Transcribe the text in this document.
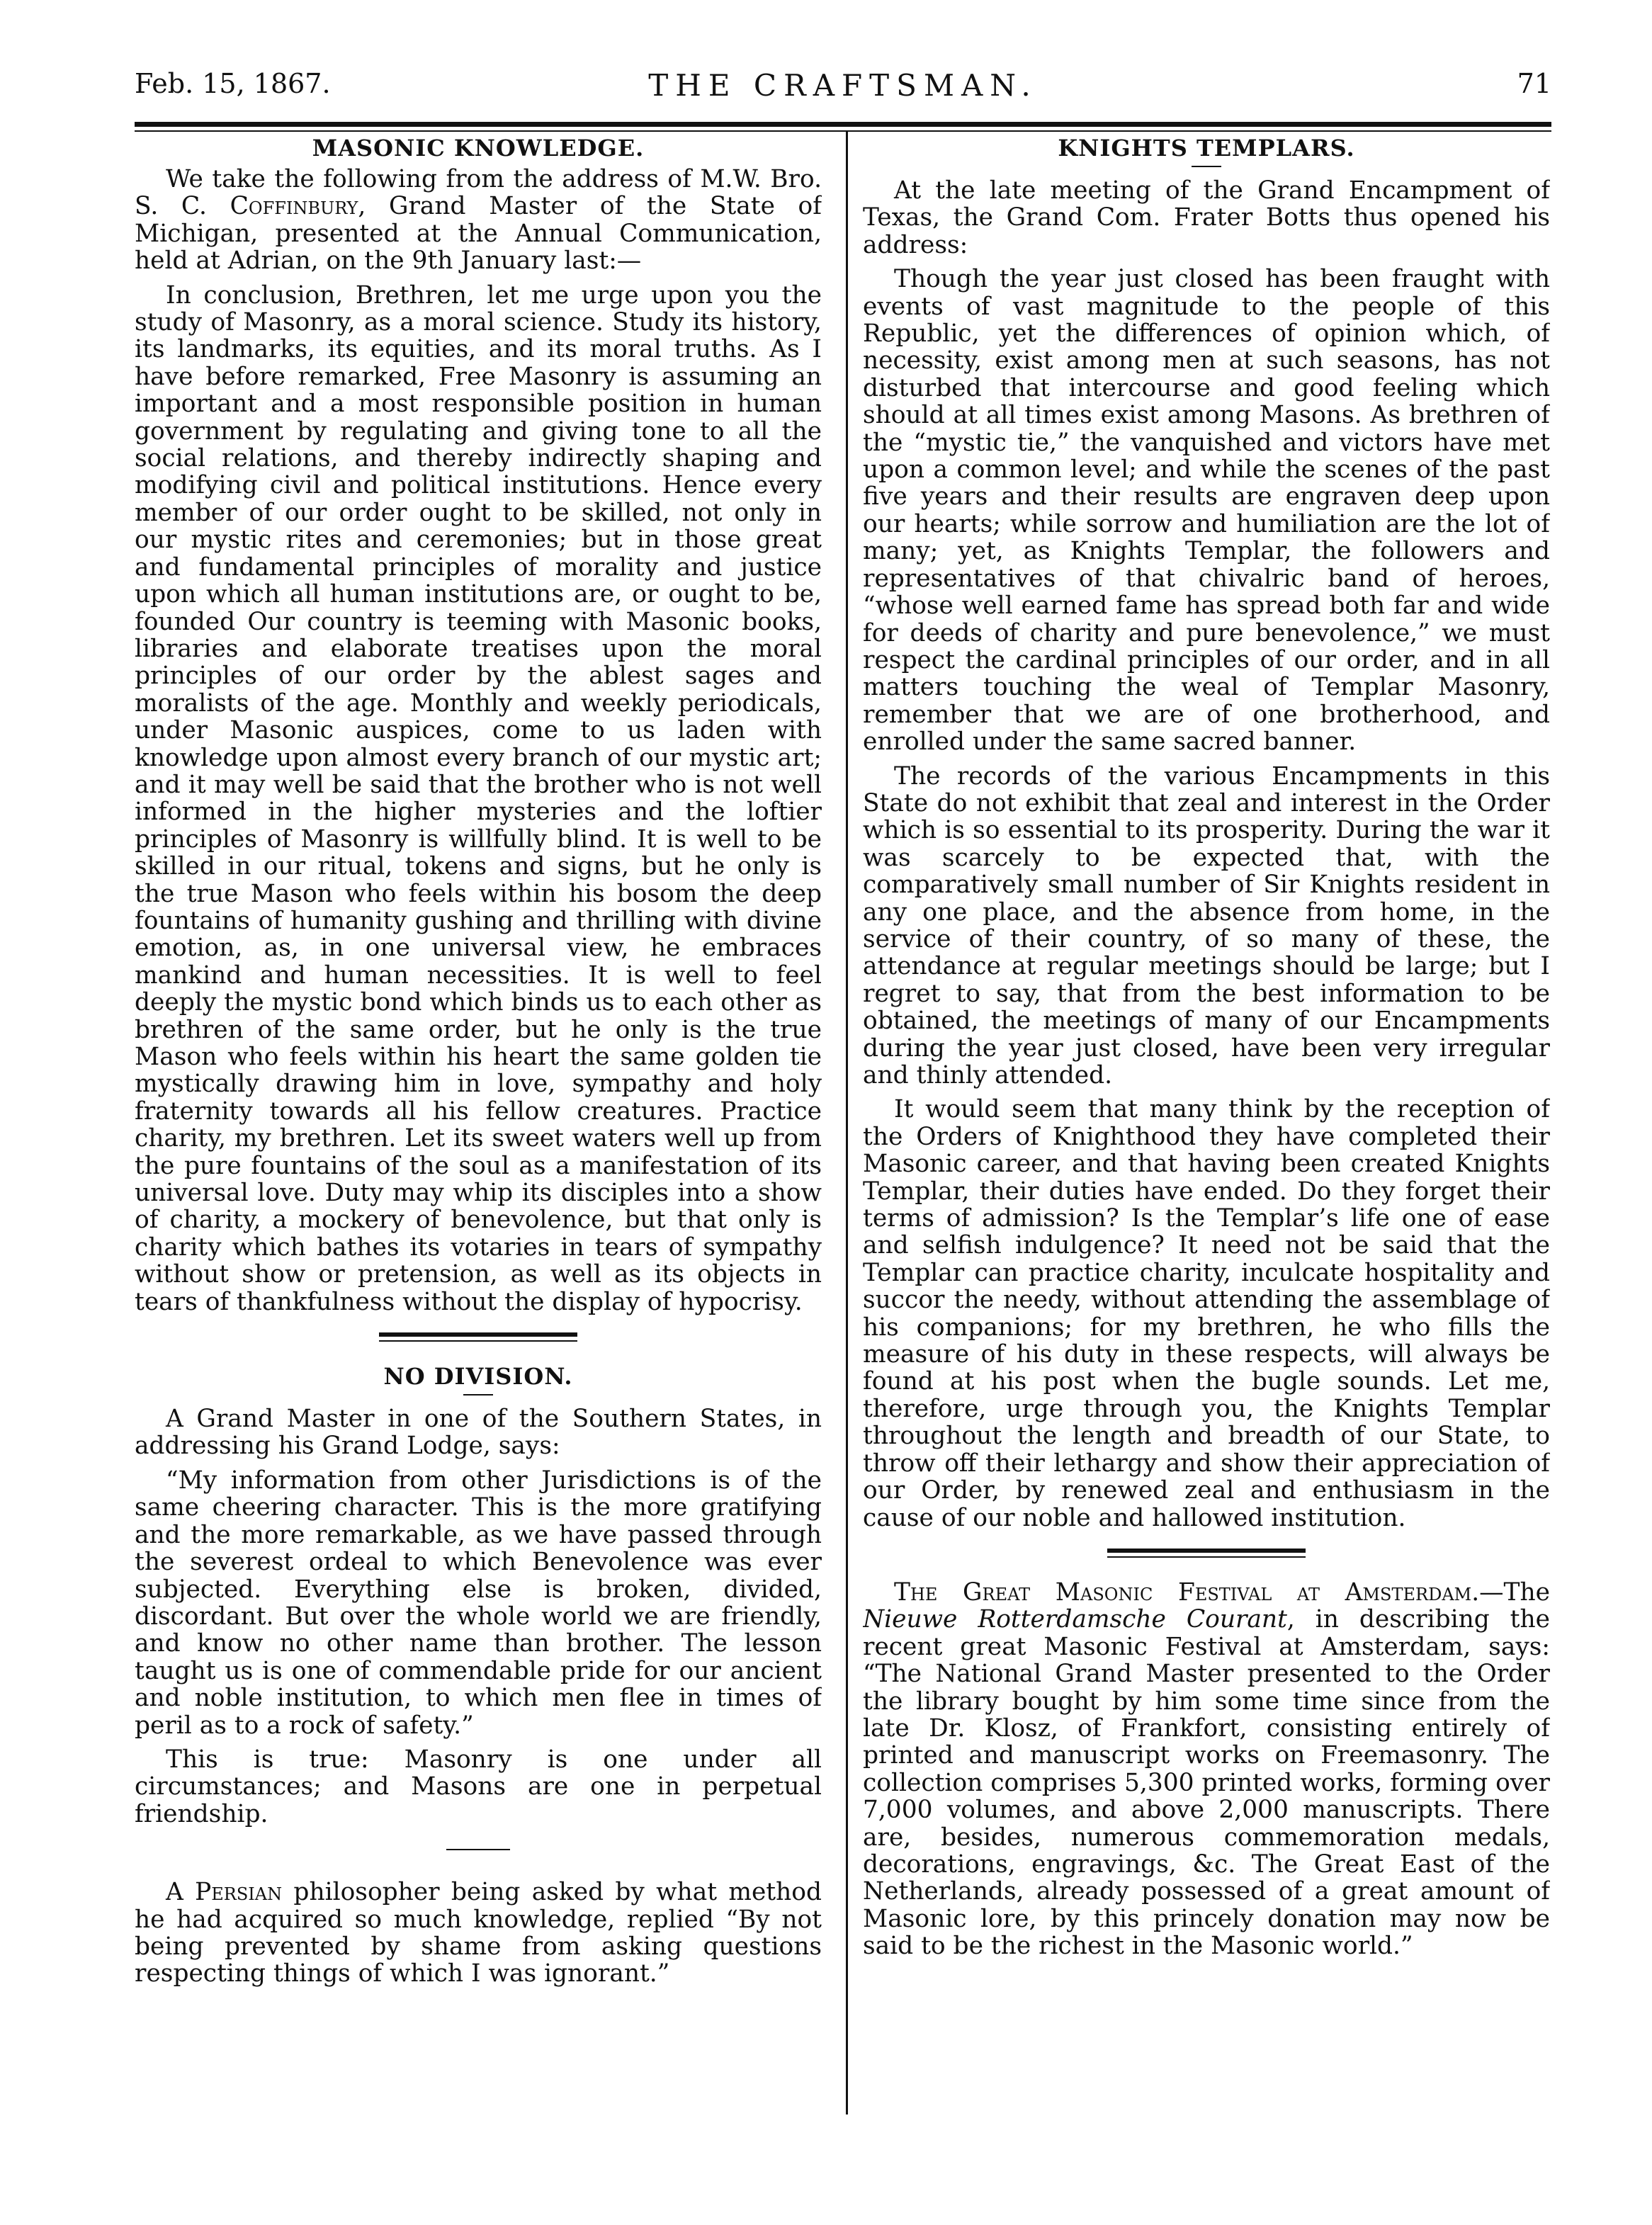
Feb. 15, 1867.	THE CRAFTSMAN.	71
MASONIC KNOWLEDGE.

We take the following from the address of M.W. Bro. S. C. Coffinbury, Grand Master of the State of Michigan, presented at the Annual Communication, held at Adrian, on the 9th January last:—

In conclusion, Brethren, let me urge upon you the study of Masonry, as a moral science. Study its history, its landmarks, its equities, and its moral truths. As I have before remarked, Free Masonry is assuming an important and a most responsible position in human government by regulating and giving tone to all the social relations, and thereby indirectly shaping and modifying civil and political institutions. Hence every member of our order ought to be skilled, not only in our mystic rites and ceremonies; but in those great and fundamental principles of morality and justice upon which all human institutions are, or ought to be, founded Our country is teeming with Masonic books, libraries and elaborate treatises upon the moral principles of our order by the ablest sages and moralists of the age. Monthly and weekly periodicals, under Masonic auspices, come to us laden with knowledge upon almost every branch of our mystic art; and it may well be said that the brother who is not well informed in the higher mysteries and the loftier principles of Masonry is willfully blind. It is well to be skilled in our ritual, tokens and signs, but he only is the true Mason who feels within his bosom the deep fountains of humanity gushing and thrilling with divine emotion, as, in one universal view, he embraces mankind and human necessities. It is well to feel deeply the mystic bond which binds us to each other as brethren of the same order, but he only is the true Mason who feels within his heart the same golden tie mystically drawing him in love, sympathy and holy fraternity towards all his fellow creatures. Practice charity, my brethren. Let its sweet waters well up from the pure fountains of the soul as a manifestation of its universal love. Duty may whip its disciples into a show of charity, a mockery of benevolence, but that only is charity which bathes its votaries in tears of sympathy without show or pretension, as well as its objects in tears of thankfulness without the display of hypocrisy.

NO DIVISION.

A Grand Master in one of the Southern States, in addressing his Grand Lodge, says:

“My information from other Jurisdictions is of the same cheering character. This is the more gratifying and the more remarkable, as we have passed through the severest ordeal to which Benevolence was ever subjected. Everything else is broken, divided, discordant. But over the whole world we are friendly, and know no other name than brother. The lesson taught us is one of commendable pride for our ancient and noble institution, to which men flee in times of peril as to a rock of safety.”

This is true: Masonry is one under all circumstances; and Masons are one in perpetual friendship.

A Persian philosopher being asked by what method he had acquired so much knowledge, replied “By not being prevented by shame from asking questions respecting things of which I was ignorant.”

KNIGHTS TEMPLARS.

At the late meeting of the Grand Encampment of Texas, the Grand Com. Frater Botts thus opened his address:

Though the year just closed has been fraught with events of vast magnitude to the people of this Republic, yet the differences of opinion which, of necessity, exist among men at such seasons, has not disturbed that intercourse and good feeling which should at all times exist among Masons. As brethren of the “mystic tie,” the vanquished and victors have met upon a common level; and while the scenes of the past five years and their results are engraven deep upon our hearts; while sorrow and humiliation are the lot of many; yet, as Knights Templar, the followers and representatives of that chivalric band of heroes, “whose well earned fame has spread both far and wide for deeds of charity and pure benevolence,” we must respect the cardinal principles of our order, and in all matters touching the weal of Templar Masonry, remember that we are of one brotherhood, and enrolled under the same sacred banner.

The records of the various Encampments in this State do not exhibit that zeal and interest in the Order which is so essential to its prosperity. During the war it was scarcely to be expected that, with the comparatively small number of Sir Knights resident in any one place, and the absence from home, in the service of their country, of so many of these, the attendance at regular meetings should be large; but I regret to say, that from the best information to be obtained, the meetings of many of our Encampments during the year just closed, have been very irregular and thinly attended.

It would seem that many think by the reception of the Orders of Knighthood they have completed their Masonic career, and that having been created Knights Templar, their duties have ended. Do they forget their terms of admission? Is the Templar’s life one of ease and selfish indulgence? It need not be said that the Templar can practice charity, inculcate hospitality and succor the needy, without attending the assemblage of his companions; for my brethren, he who fills the measure of his duty in these respects, will always be found at his post when the bugle sounds. Let me, therefore, urge through you, the Knights Templar throughout the length and breadth of our State, to throw off their lethargy and show their appreciation of our Order, by renewed zeal and enthusiasm in the cause of our noble and hallowed institution.

The Great Masonic Festival at Amsterdam.—The Nieuwe Rotterdamsche Courant, in describing the recent great Masonic Festival at Amsterdam, says: “The National Grand Master presented to the Order the library bought by him some time since from the late Dr. Klosz, of Frankfort, consisting entirely of printed and manuscript works on Freemasonry. The collection comprises 5,300 printed works, forming over 7,000 volumes, and above 2,000 manuscripts. There are, besides, numerous commemoration medals, decorations, engravings, &c. The Great East of the Netherlands, already possessed of a great amount of Masonic lore, by this princely donation may now be said to be the richest in the Masonic world.”
